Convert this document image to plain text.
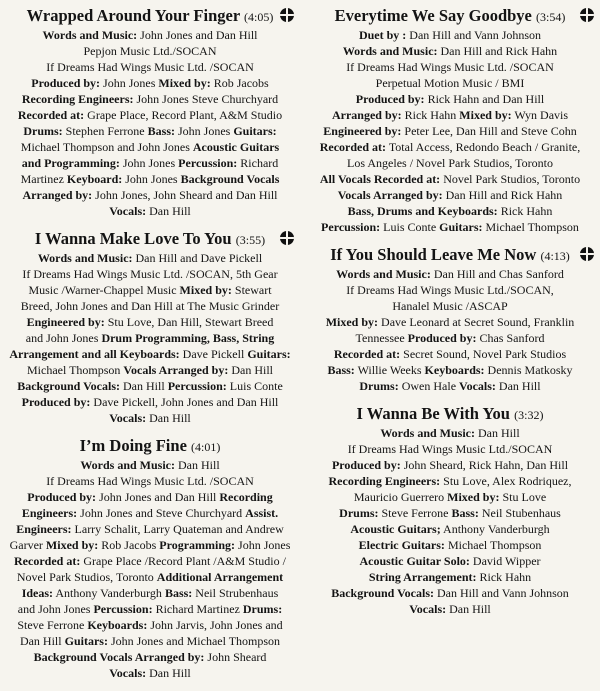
Wrapped Around Your Finger (4:05)

Words and Music: John Jones and Dan Hill

Pepjon Music Ltd./SOCAN

If Dreams Had Wings Music Ltd. /SOCAN

Produced by: John Jones Mixed by: Rob Jacobs

Recording Engineers: John Jones Steve Churchyard

Recorded at: Grape Place, Record Plant, A&M Studio

Drums: Stephen Ferrone Bass: John Jones Guitars:

Michael Thompson and John Jones Acoustic Guitars

and Programming: John Jones Percussion: Richard

Martinez Keyboard: John Jones Background Vocals

Arranged by: John Jones, John Sheard and Dan Hill

Vocals: Dan Hill

I Wanna Make Love To You (3:55)

Words and Music: Dan Hill and Dave Pickell

If Dreams Had Wings Music Ltd. /SOCAN, 5th Gear

Music /Warner-Chappel Music Mixed by: Stewart

Breed, John Jones and Dan Hill at The Music Grinder

Engineered by: Stu Love, Dan Hill, Stewart Breed

and John Jones Drum Programming, Bass, String

Arrangement and all Keyboards: Dave Pickell Guitars:

Michael Thompson Vocals Arranged by: Dan Hill

Background Vocals: Dan Hill Percussion: Luis Conte

Produced by: Dave Pickell, John Jones and Dan Hill

Vocals: Dan Hill

I’m Doing Fine (4:01)

Words and Music: Dan Hill

If Dreams Had Wings Music Ltd. /SOCAN

Produced by: John Jones and Dan Hill Recording

Engineers: John Jones and Steve Churchyard Assist.

Engineers: Larry Schalit, Larry Quateman and Andrew

Garver Mixed by: Rob Jacobs Programming: John Jones

Recorded at: Grape Place /Record Plant /A&M Studio /

Novel Park Studios, Toronto Additional Arrangement

Ideas: Anthony Vanderburgh Bass: Neil Strubenhaus

and John Jones Percussion: Richard Martinez Drums:

Steve Ferrone Keyboards: John Jarvis, John Jones and

Dan Hill Guitars: John Jones and Michael Thompson

Background Vocals Arranged by: John Sheard

Vocals: Dan Hill

Everytime We Say Goodbye (3:54)

Duet by : Dan Hill and Vann Johnson

Words and Music: Dan Hill and Rick Hahn

If Dreams Had Wings Music Ltd. /SOCAN

Perpetual Motion Music / BMI

Produced by: Rick Hahn and Dan Hill

Arranged by: Rick Hahn Mixed by: Wyn Davis

Engineered by: Peter Lee, Dan Hill and Steve Cohn

Recorded at: Total Access, Redondo Beach / Granite,

Los Angeles / Novel Park Studios, Toronto

All Vocals Recorded at: Novel Park Studios, Toronto

Vocals Arranged by: Dan Hill and Rick Hahn

Bass, Drums and Keyboards: Rick Hahn

Percussion: Luis Conte Guitars: Michael Thompson

If You Should Leave Me Now (4:13)

Words and Music: Dan Hill and Chas Sanford

If Dreams Had Wings Music Ltd./SOCAN,

Hanalel Music /ASCAP

Mixed by: Dave Leonard at Secret Sound, Franklin

Tennessee Produced by: Chas Sanford

Recorded at: Secret Sound, Novel Park Studios

Bass: Willie Weeks Keyboards: Dennis Matkosky

Drums: Owen Hale Vocals: Dan Hill

I Wanna Be With You (3:32)

Words and Music: Dan Hill

If Dreams Had Wings Music Ltd./SOCAN

Produced by: John Sheard, Rick Hahn, Dan Hill

Recording Engineers: Stu Love, Alex Rodriquez,

Mauricio Guerrero Mixed by: Stu Love

Drums: Steve Ferrone Bass: Neil Stubenhaus

Acoustic Guitars; Anthony Vanderburgh

Electric Guitars: Michael Thompson

Acoustic Guitar Solo: David Wipper

String Arrangement: Rick Hahn

Background Vocals: Dan Hill and Vann Johnson

Vocals: Dan Hill
